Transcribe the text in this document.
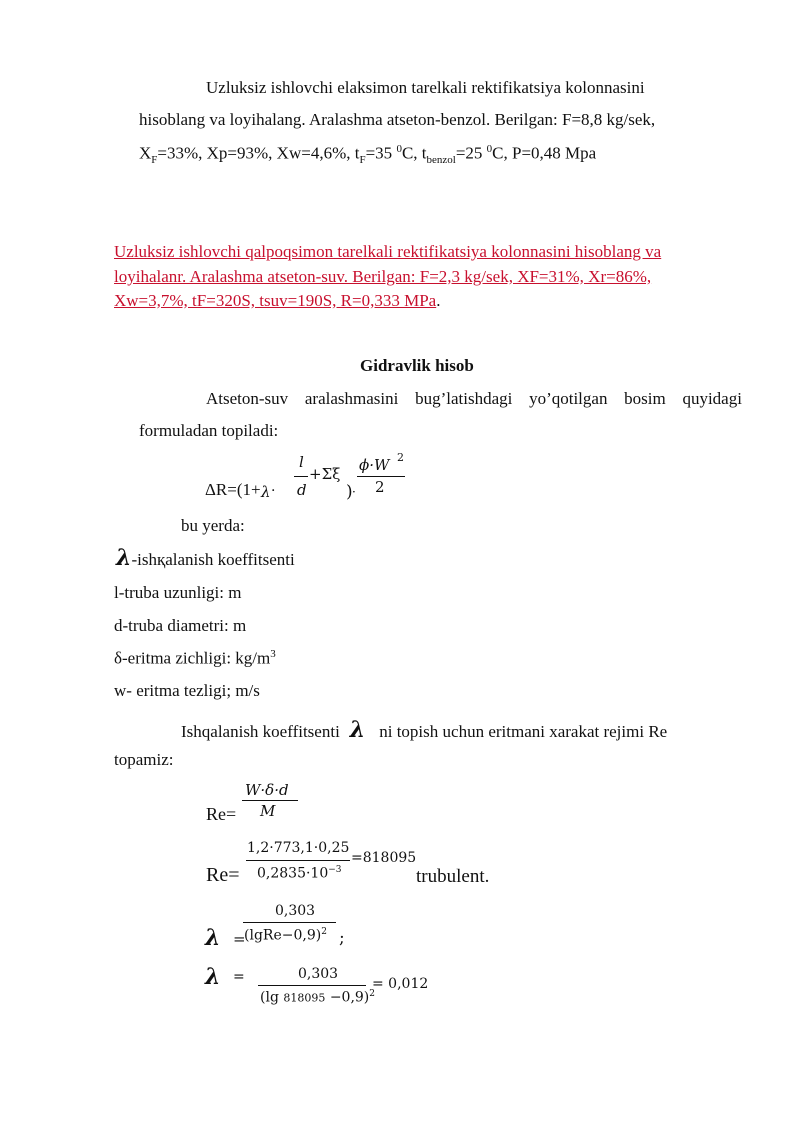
Uzluksiz ishlovchi elaksimon tarelkali rektifikatsiya kolonnasini
hisoblang va loyihalang. Aralashma atseton-benzol. Berilgan: F=8,8 kg/sek,
$X_F=33\%$, Xp=93%, Xw=4,6%, $t_F=35$ $^0$C, $t_{benzol}=25$ $^0$C, P=0,48 Mpa
Uzluksiz ishlovchi qalpoqsimon tarelkali rektifikatsiya kolonnasini hisoblang va
loyihalanr. Aralashma atseton-suv. Berilgan: F=2,3 kg/sek, XF=31%, Xr=86%,
Xw=3,7%, tF=320S, tsuv=190S, R=0,333 MPa.
Gidravlik hisob
Atseton-suv aralashmasini bug’latishdagi yo’qotilgan bosim quyidagi
formuladan topiladi:
ΔR=(1+ λ ·
l
d
+Σξ
) ·
ϕ·W 2
2
bu yerda:
λ-ishқalanish koeffitsenti
l-truba uzunligi: m
d-truba diametri: m
δ-eritma zichligi: $kg/m^3$
w- eritma tezligi; m/s
Ishqalanish koeffitsenti λ ni topish uchun eritmani xarakat rejimi Re
topamiz:
Re=
W·δ·d
M
Re=
1,2·773,1·0,25
$0,2835\cdot 10^{-3}$
=818095
trubulent.
λ =
0,303
(lgRe−0,9)$^2$ ;
λ =	0,303
(lg 818095 −0,9)$^2$
= 0,012
